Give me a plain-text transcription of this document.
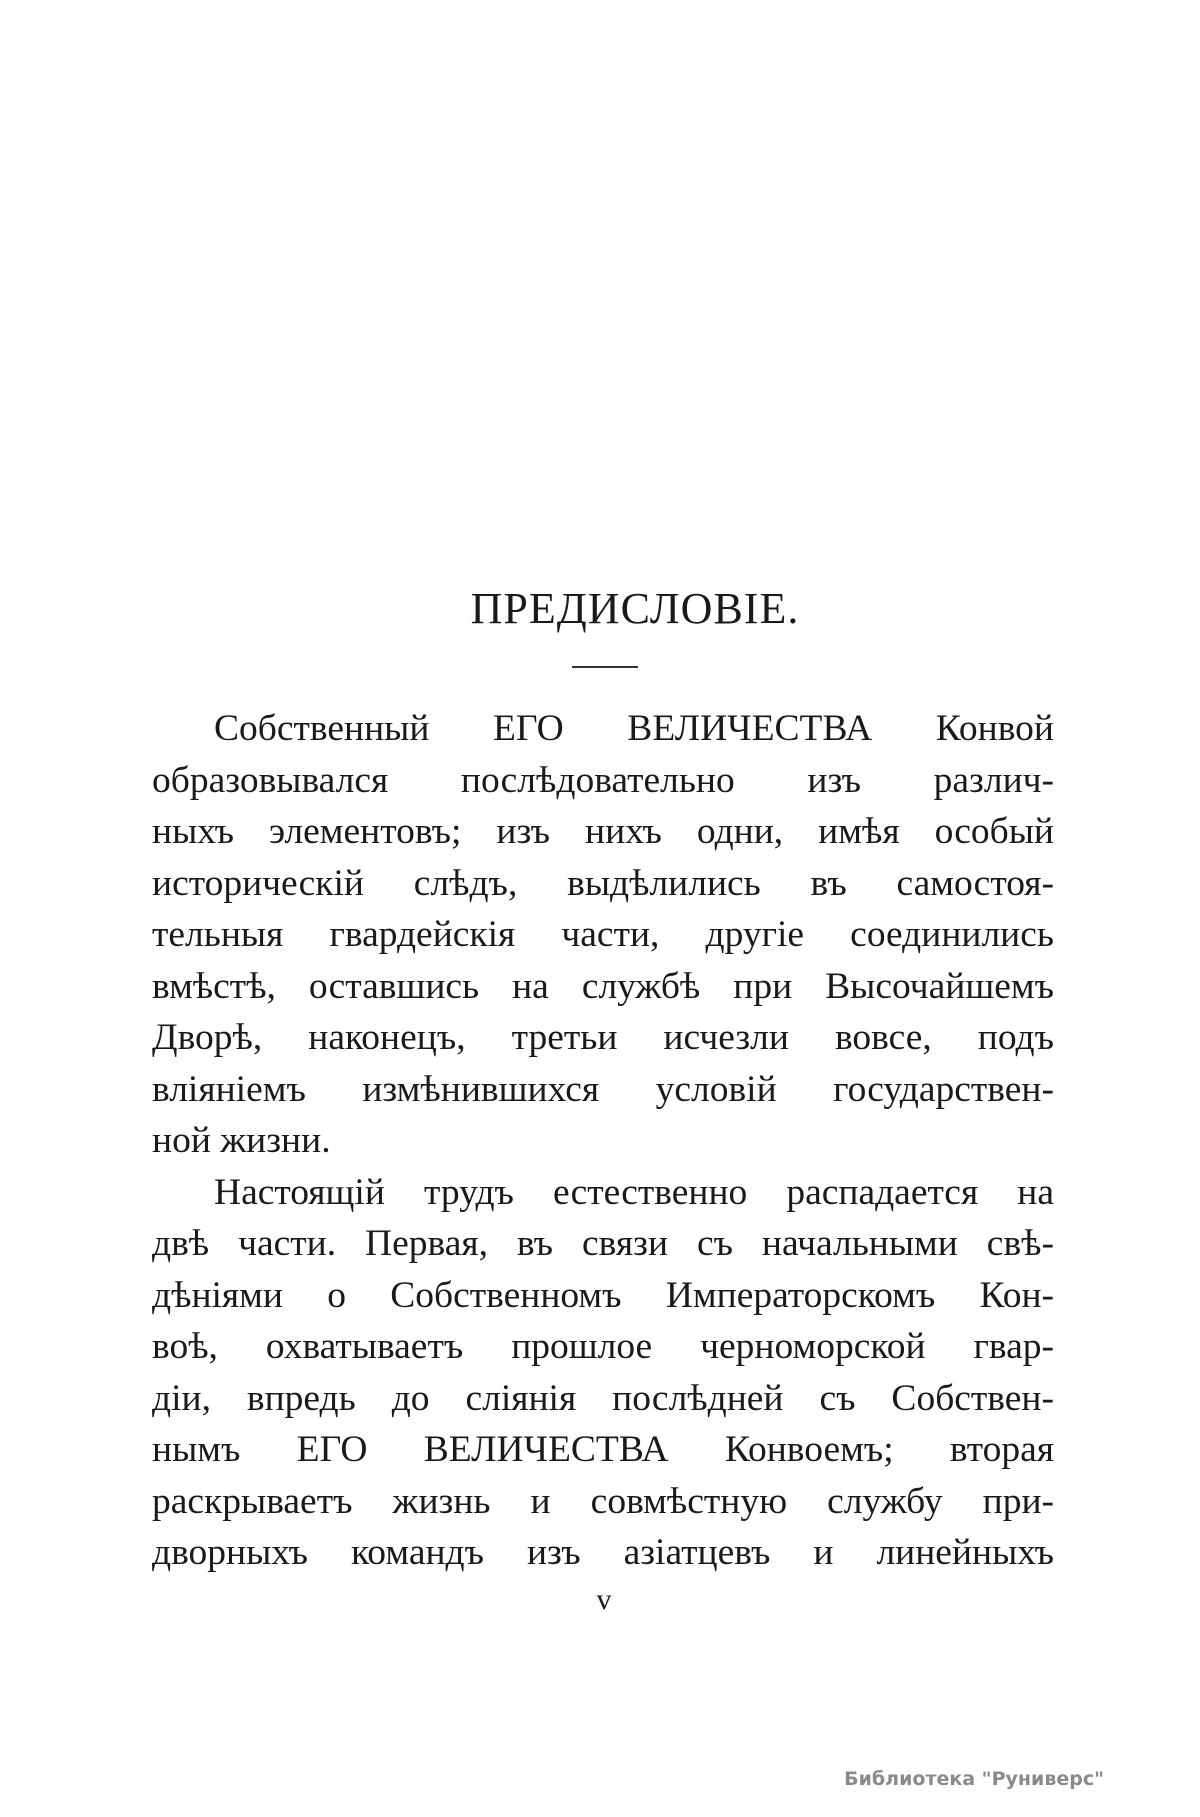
ПРЕДИСЛОВІЕ.

Собственный ЕГО ВЕЛИЧЕСТВА Конвой
образовывался послѣдовательно изъ различ-
ныхъ элементовъ; изъ нихъ одни, имѣя особый
историческій слѣдъ, выдѣлились въ самостоя-
тельныя гвардейскія части, другіе соединились
вмѣстѣ, оставшись на службѣ при Высочайшемъ
Дворѣ, наконецъ, третьи исчезли вовсе, подъ
вліяніемъ измѣнившихся условій государствен-
ной жизни.

Настоящій трудъ естественно распадается на
двѣ части. Первая, въ связи съ начальными свѣ-
дѣніями о Собственномъ Императорскомъ Кон-
воѣ, охватываетъ прошлое черноморской гвар-
діи, впредь до сліянія послѣдней съ Собствен-
нымъ ЕГО ВЕЛИЧЕСТВА Конвоемъ; вторая
раскрываетъ жизнь и совмѣстную службу при-
дворныхъ командъ изъ азіатцевъ и линейныхъ

v
Библиотека "Руниверс"
